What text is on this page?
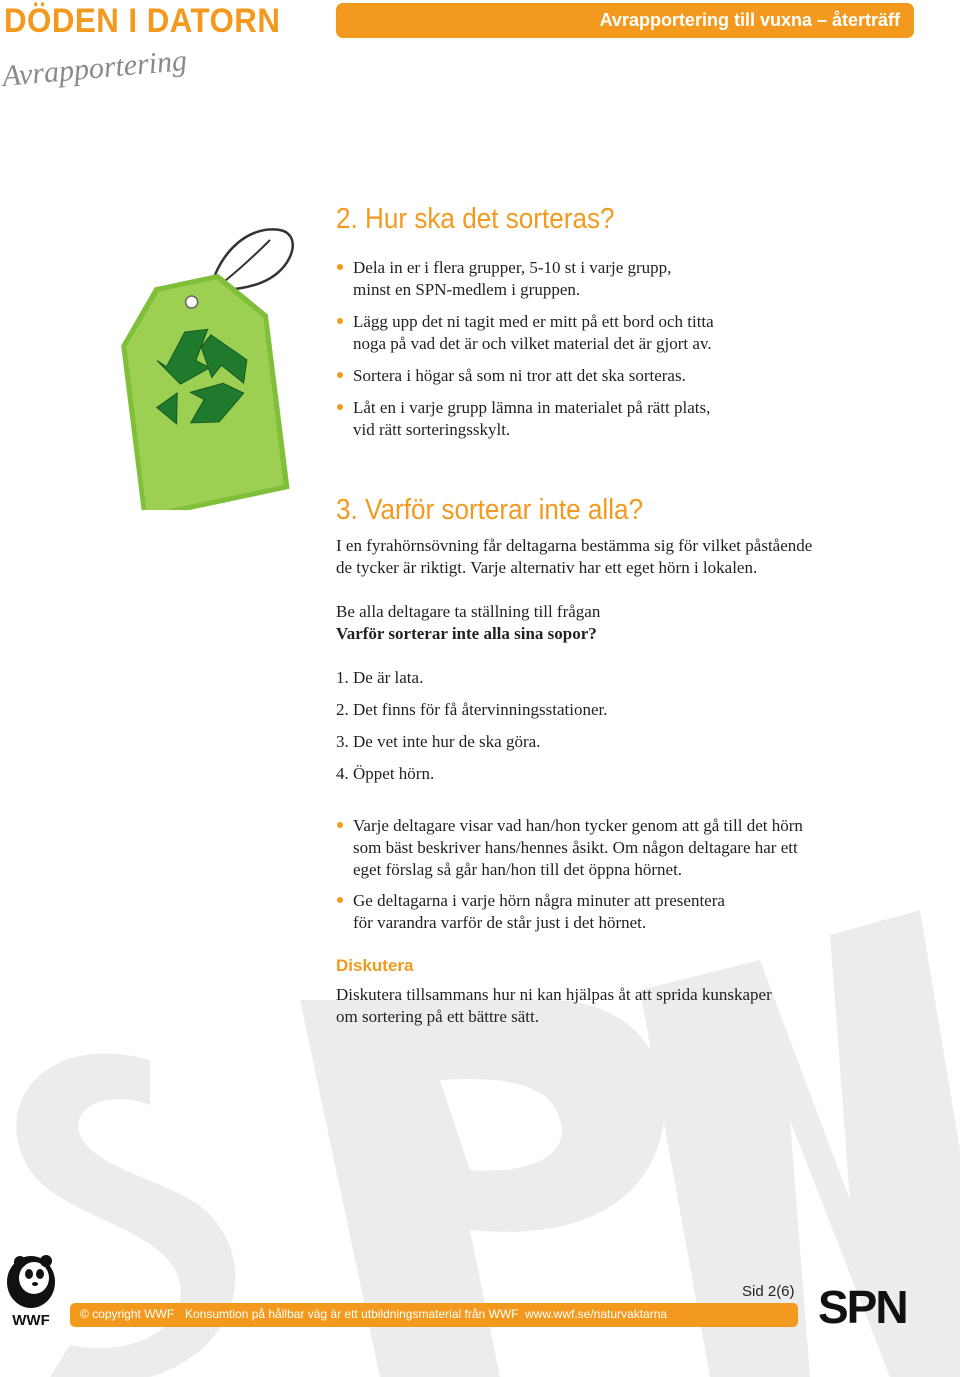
DÖDEN I DATORN
Avrapportering
Avrapportering till vuxna – återträff
2. Hur ska det sorteras?
Dela in er i flera grupper, 5-10 st i varje grupp,
minst en SPN-medlem i gruppen.
Lägg upp det ni tagit med er mitt på ett bord och titta
noga på vad det är och vilket material det är gjort av.
Sortera i högar så som ni tror att det ska sorteras.
Låt en i varje grupp lämna in materialet på rätt plats,
vid rätt sorteringsskylt.
3. Varför sorterar inte alla?
I en fyrahörnsövning får deltagarna bestämma sig för vilket påstående
de tycker är riktigt. Varje alternativ har ett eget hörn i lokalen.
Be alla deltagare ta ställning till frågan
Varför sorterar inte alla sina sopor?
1. De är lata.
2. Det finns för få återvinningsstationer.
3. De vet inte hur de ska göra.
4. Öppet hörn.
Varje deltagare visar vad han/hon tycker genom att gå till det hörn
som bäst beskriver hans/hennes åsikt. Om någon deltagare har ett
eget förslag så går han/hon till det öppna hörnet.
Ge deltagarna i varje hörn några minuter att presentera
för varandra varför de står just i det hörnet.
Diskutera
Diskutera tillsammans hur ni kan hjälpas åt att sprida kunskaper
om sortering på ett bättre sätt.
WWF	© copyright WWF Konsumtion på hållbar väg är ett utbildningsmaterial från WWF www.wwf.se/naturvaktarna
Sid 2(6) SPN
